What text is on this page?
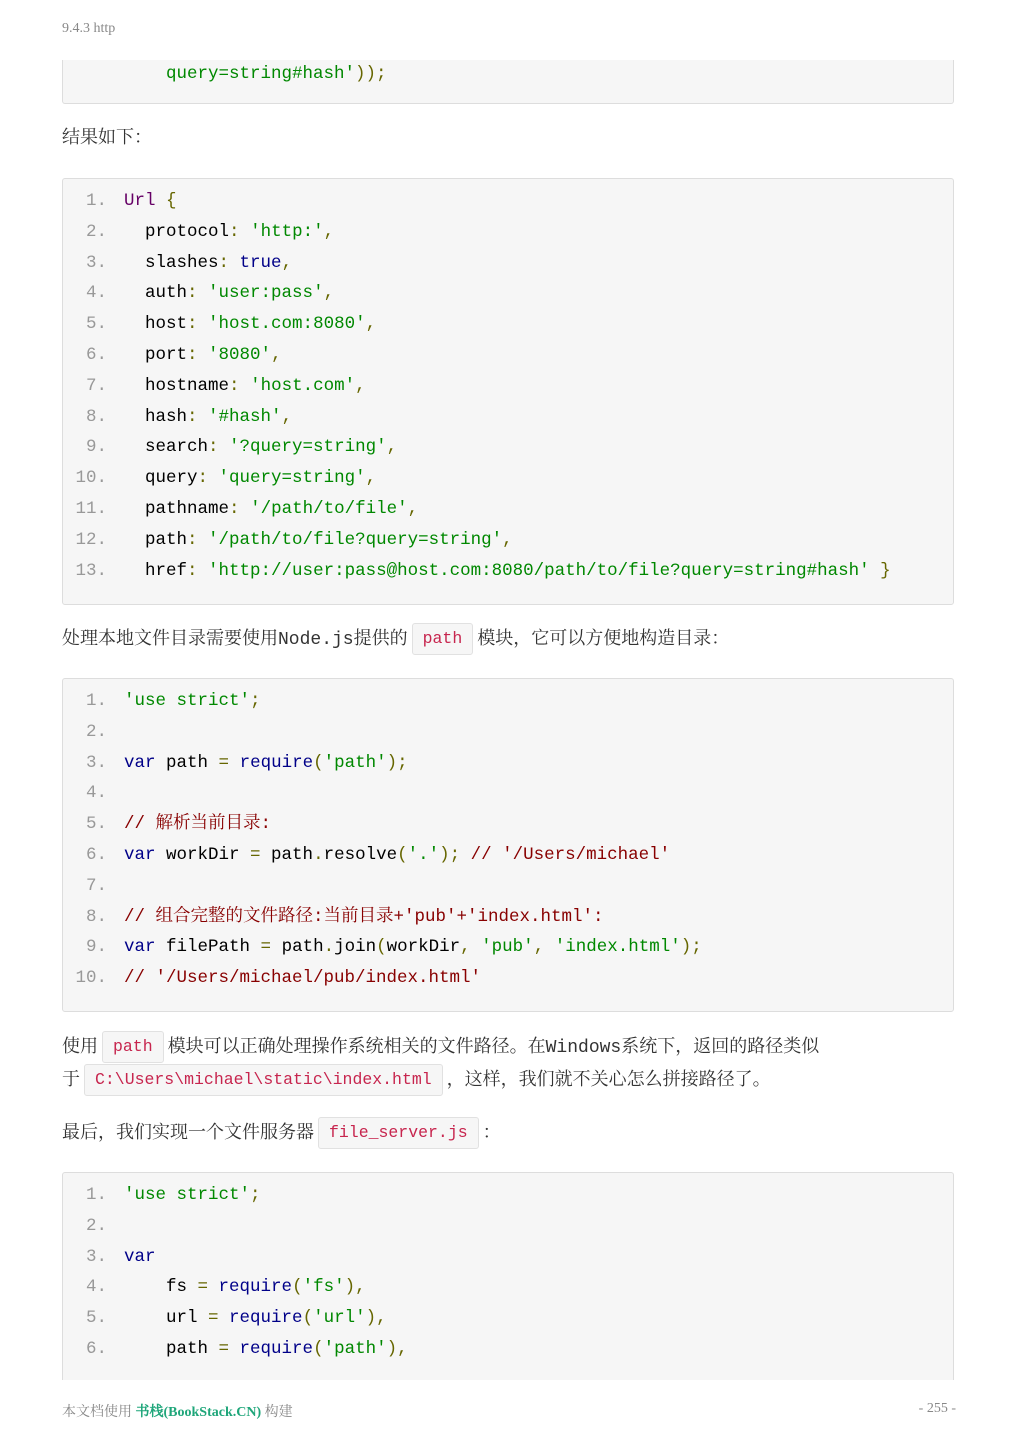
9.4.3 http
query=string#hash'));
结果如下：
1. Url {
2. protocol: 'http:',
3. slashes: true,
4. auth: 'user:pass',
5. host: 'host.com:8080',
6. port: '8080',
7. hostname: 'host.com',
8. hash: '#hash',
9. search: '?query=string',
10. query: 'query=string',
11. pathname: '/path/to/file',
12. path: '/path/to/file?query=string',
13. href: 'http://user:pass@host.com:8080/path/to/file?query=string#hash' }
处理本地文件目录需要使用Node.js提供的 path 模块，它可以方便地构造目录：
1. 'use strict';
2.
3. var path = require('path');
4.
5. // 解析当前目录:
6. var workDir = path.resolve('.'); // '/Users/michael'
7.
8. // 组合完整的文件路径:当前目录+'pub'+'index.html':
9. var filePath = path.join(workDir, 'pub', 'index.html');
10. // '/Users/michael/pub/index.html'
使用 path 模块可以正确处理操作系统相关的文件路径。在Windows系统下，返回的路径类似
于 C:\Users\michael\static\index.html ，这样，我们就不关心怎么拼接路径了。
最后，我们实现一个文件服务器 file_server.js ：
1. 'use strict';
2.
3. var
4. fs = require('fs'),
5. url = require('url'),
6. path = require('path'),
本文档使用 书栈(BookStack.CN) 构建	- 255 -
